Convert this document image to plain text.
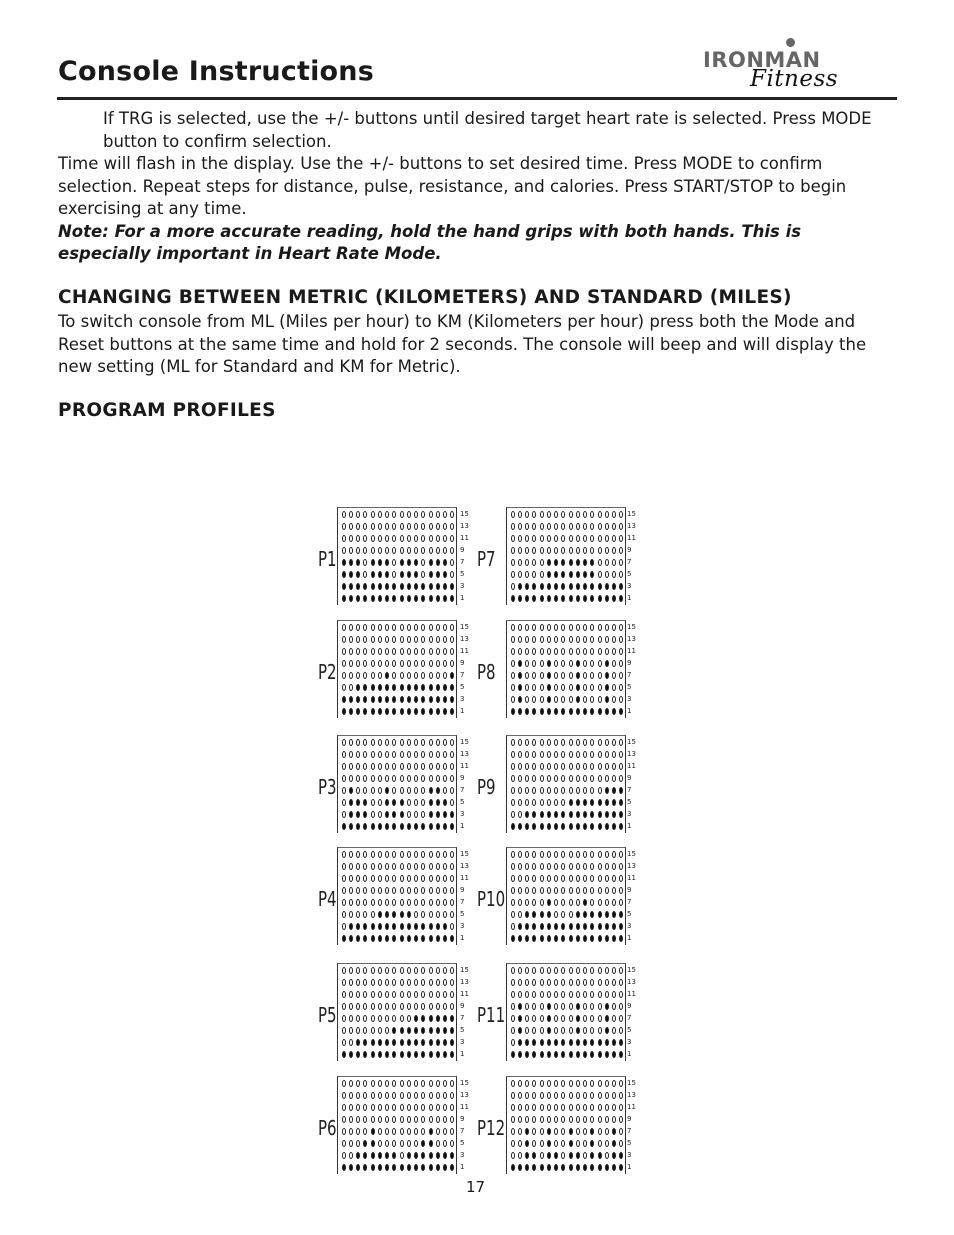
Console Instructions	IRONMAN
Fitness

If TRG is selected, use the +/- buttons until desired target heart rate is selected. Press MODE button to confirm selection.

Time will flash in the display. Use the +/- buttons to set desired time. Press MODE to confirm selection. Repeat steps for distance, pulse, resistance, and calories. Press START/STOP to begin exercising at any time.

Note: For a more accurate reading, hold the hand grips with both hands. This is especially important in Heart Rate Mode.

CHANGING BETWEEN METRIC (KILOMETERS) AND STANDARD (MILES)

To switch console from ML (Miles per hour) to KM (Kilometers per hour) press both the Mode and Reset buttons at the same time and hold for 2 seconds. The console will beep and will display the new setting (ML for Standard and KM for Metric).

PROGRAM PROFILES
P1
15
13
11
9
7
5
3
1
P2
15
13
11
9
7
5
3
1
P3
15
13
11
9
7
5
3
1
P4
15
13
11
9
7
5
3
1
P5
15
13
11
9
7
5
3
1
P6
15
13
11
9
7
5
3
1
P7
15
13
11
9
7
5
3
1
P8
15
13
11
9
7
5
3
1
P9
15
13
11
9
7
5
3
1
P10
15
13
11
9
7
5
3
1
P11
15
13
11
9
7
5
3
1
P12
15
13
11
9
7
5
3
1
17
